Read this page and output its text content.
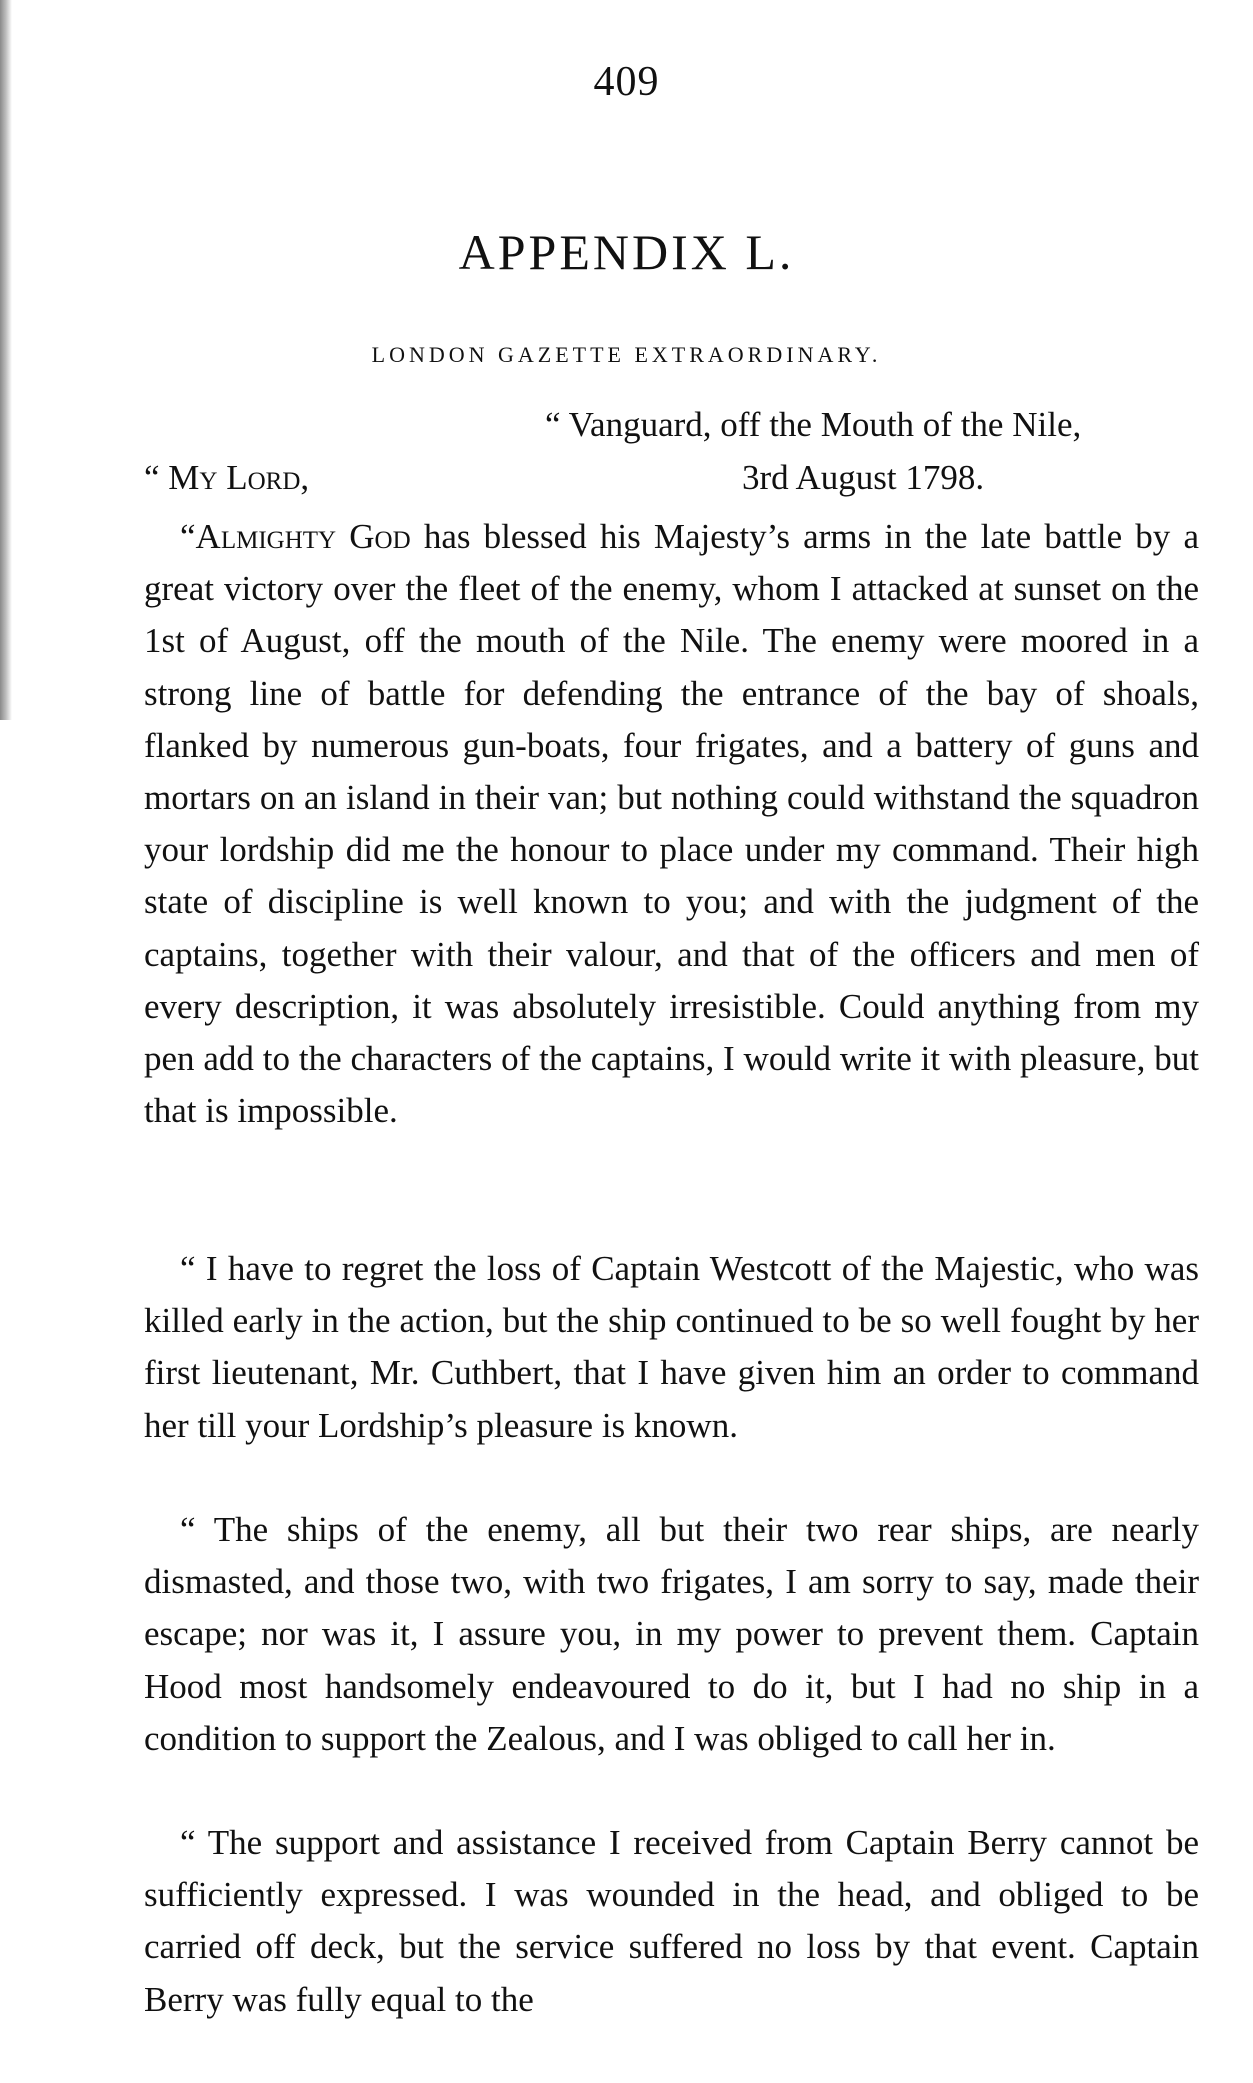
409
APPENDIX L.
LONDON GAZETTE EXTRAORDINARY.
“ Vanguard, off the Mouth of the Nile,
“ My Lord,	3rd August 1798.

“Almighty God has blessed his Majesty’s arms in the late battle by a great victory over the fleet of the enemy, whom I attacked at sunset on the 1st of August, off the mouth of the Nile. The enemy were moored in a strong line of battle for defending the entrance of the bay of shoals, flanked by numerous gun-boats, four frigates, and a battery of guns and mortars on an island in their van; but nothing could withstand the squadron your lordship did me the honour to place under my command. Their high state of discipline is well known to you; and with the judgment of the captains, together with their valour, and that of the officers and men of every description, it was absolutely irresistible. Could anything from my pen add to the characters of the captains, I would write it with pleasure, but that is impossible.

“ I have to regret the loss of Captain Westcott of the Majestic, who was killed early in the action, but the ship continued to be so well fought by her first lieutenant, Mr. Cuthbert, that I have given him an order to command her till your Lordship’s pleasure is known.

“ The ships of the enemy, all but their two rear ships, are nearly dismasted, and those two, with two frigates, I am sorry to say, made their escape; nor was it, I assure you, in my power to prevent them. Captain Hood most handsomely endeavoured to do it, but I had no ship in a condition to support the Zealous, and I was obliged to call her in.

“ The support and assistance I received from Captain Berry cannot be sufficiently expressed. I was wounded in the head, and obliged to be carried off deck, but the service suffered no loss by that event. Captain Berry was fully equal to the
